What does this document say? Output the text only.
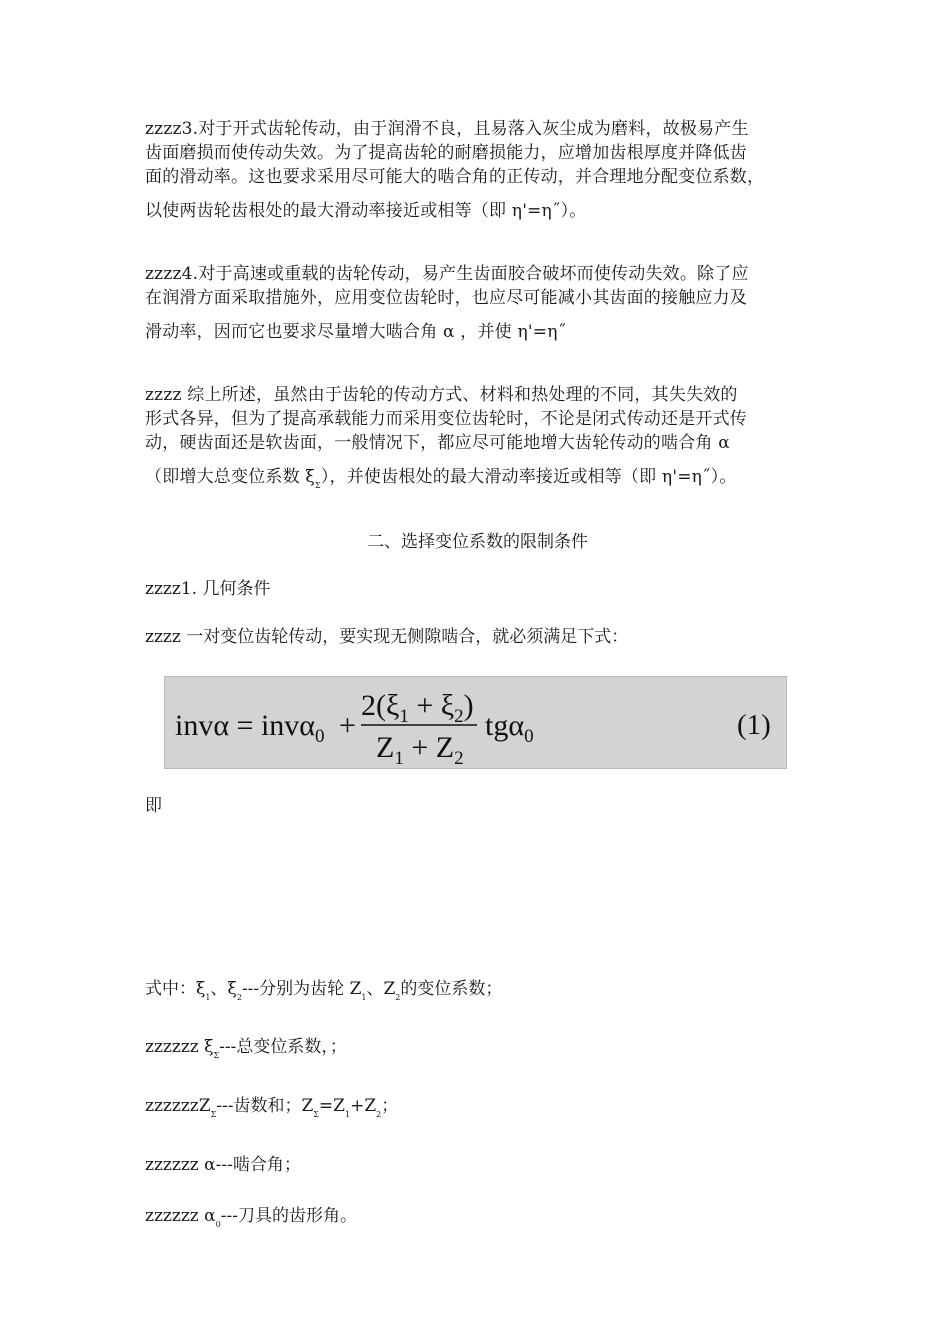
zzzz3.对于开式齿轮传动，由于润滑不良，且易落入灰尘成为磨料，故极易产生
齿面磨损而使传动失效。为了提高齿轮的耐磨损能力，应增加齿根厚度并降低齿
面的滑动率。这也要求采用尽可能大的啮合角的正传动，并合理地分配变位系数，
以使两齿轮齿根处的最大滑动率接近或相等（即 η'=η˝）。

zzzz4.对于高速或重载的齿轮传动，易产生齿面胶合破坏而使传动失效。除了应
在润滑方面采取措施外，应用变位齿轮时，也应尽可能减小其齿面的接触应力及
滑动率，因而它也要求尽量增大啮合角 α ，并使 η'=η˝

zzzz 综上所述，虽然由于齿轮的传动方式、材料和热处理的不同，其失失效的
形式各异，但为了提高承载能力而采用变位齿轮时，不论是闭式传动还是开式传
动，硬齿面还是软齿面，一般情况下，都应尽可能地增大齿轮传动的啮合角 α
（即增大总变位系数 $\xi_\Sigma$），并使齿根处的最大滑动率接近或相等（即 η'=η˝）。

二、选择变位系数的限制条件
zzzz1. 几何条件
zzzz 一对变位齿轮传动，要实现无侧隙啮合，就必须满足下式：
invα = invα$_0$ +
$2(\xi_1 + \xi_2)$
$Z_1 + Z_2$
tgα$_0$	(1)
即
式中：$\xi_1$、$\xi_2---$分别为齿轮 $Z_1$、$Z_2$的变位系数；
zzzzzz $\xi_\Sigma---$总变位系数，；
zzzzzzZ$_\Sigma$---齿数和；$Z_\Sigma=Z_1+Z_2$；
zzzzzz α---啮合角；
zzzzzz $\alpha_0---$刀具的齿形角。
